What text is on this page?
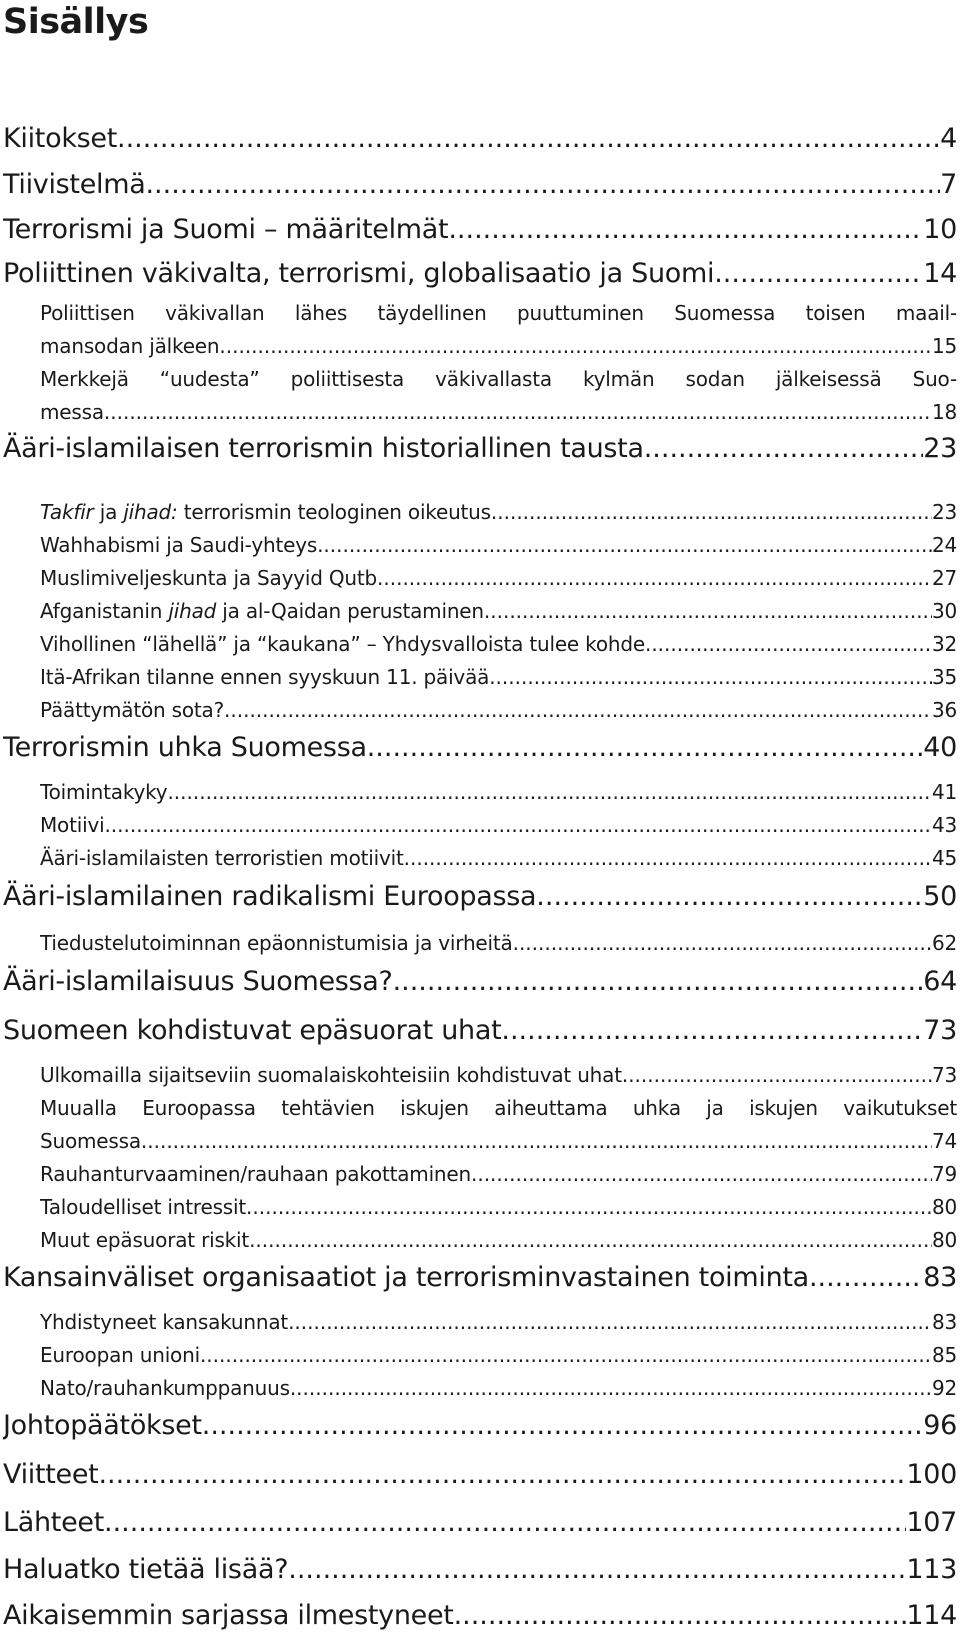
Sisällys
Kiitokset .....	4
Tiivistelmä .....	7
Terrorismi ja Suomi – määritelmät .....	10
Poliittinen väkivalta, terrorismi, globalisaatio ja Suomi .....	14
Poliittisen väkivallan lähes täydellinen puuttuminen Suomessa toisen maail-
mansodan jälkeen .....	15
Merkkejä “uudesta” poliittisesta väkivallasta kylmän sodan jälkeisessä Suo-
messa .....	18
Ääri-islamilaisen terrorismin historiallinen tausta .....	23
Takfir ja jihad: terrorismin teologinen oikeutus .....	23
Wahhabismi ja Saudi-yhteys .....	24
Muslimiveljeskunta ja Sayyid Qutb .....	27
Afganistanin jihad ja al-Qaidan perustaminen .....	30
Vihollinen “lähellä” ja “kaukana” – Yhdysvalloista tulee kohde .....	32
Itä-Afrikan tilanne ennen syyskuun 11. päivää .....	35
Päättymätön sota? .....	36
Terrorismin uhka Suomessa .....	40
Toimintakyky .....	41
Motiivi .....	43
Ääri-islamilaisten terroristien motiivit .....	45
Ääri-islamilainen radikalismi Euroopassa .....	50
Tiedustelutoiminnan epäonnistumisia ja virheitä .....	62
Ääri-islamilaisuus Suomessa? .....	64
Suomeen kohdistuvat epäsuorat uhat .....	73
Ulkomailla sijaitseviin suomalaiskohteisiin kohdistuvat uhat .....	73
Muualla Euroopassa tehtävien iskujen aiheuttama uhka ja iskujen vaikutukset
Suomessa .....	74
Rauhanturvaaminen/rauhaan pakottaminen .....	79
Taloudelliset intressit .....	80
Muut epäsuorat riskit .....	80
Kansainväliset organisaatiot ja terrorisminvastainen toiminta .....	83
Yhdistyneet kansakunnat .....	83
Euroopan unioni .....	85
Nato/rauhankumppanuus .....	92
Johtopäätökset .....	96
Viitteet .....	100
Lähteet .....	107
Haluatko tietää lisää? .....	113
Aikaisemmin sarjassa ilmestyneet .....	114
